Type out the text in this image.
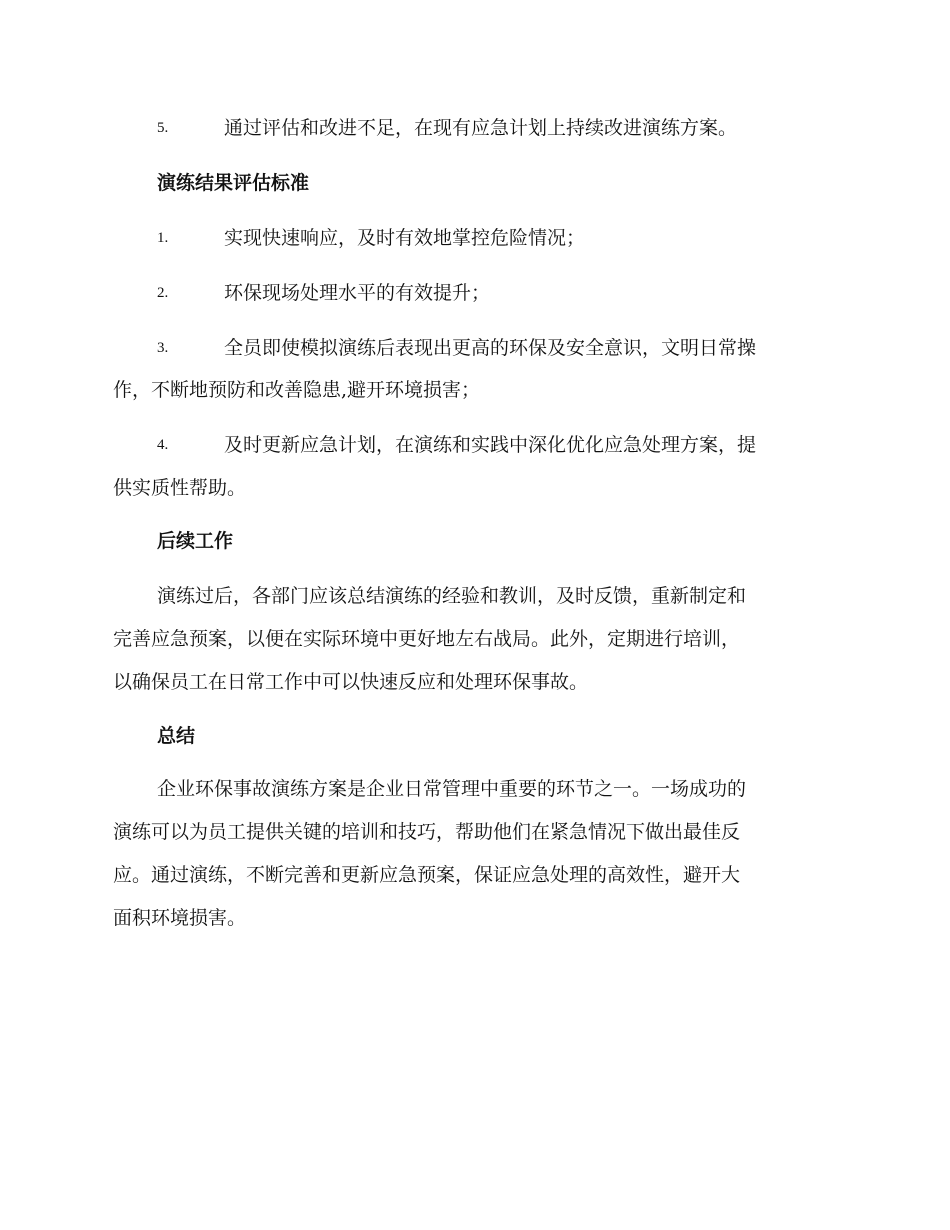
5.	通过评估和改进不足，在现有应急计划上持续改进演练方案。
演练结果评估标准
1.	实现快速响应，及时有效地掌控危险情况；
2.	环保现场处理水平的有效提升；
3.	全员即使模拟演练后表现出更高的环保及安全意识，文明日常操
作，不断地预防和改善隐患,避开环境损害；
4.	及时更新应急计划，在演练和实践中深化优化应急处理方案，提
供实质性帮助。
后续工作
演练过后，各部门应该总结演练的经验和教训，及时反馈，重新制定和
完善应急预案，以便在实际环境中更好地左右战局。此外，定期进行培训，
以确保员工在日常工作中可以快速反应和处理环保事故。
总结
企业环保事故演练方案是企业日常管理中重要的环节之一。一场成功的
演练可以为员工提供关键的培训和技巧，帮助他们在紧急情况下做出最佳反
应。通过演练，不断完善和更新应急预案，保证应急处理的高效性，避开大
面积环境损害。
